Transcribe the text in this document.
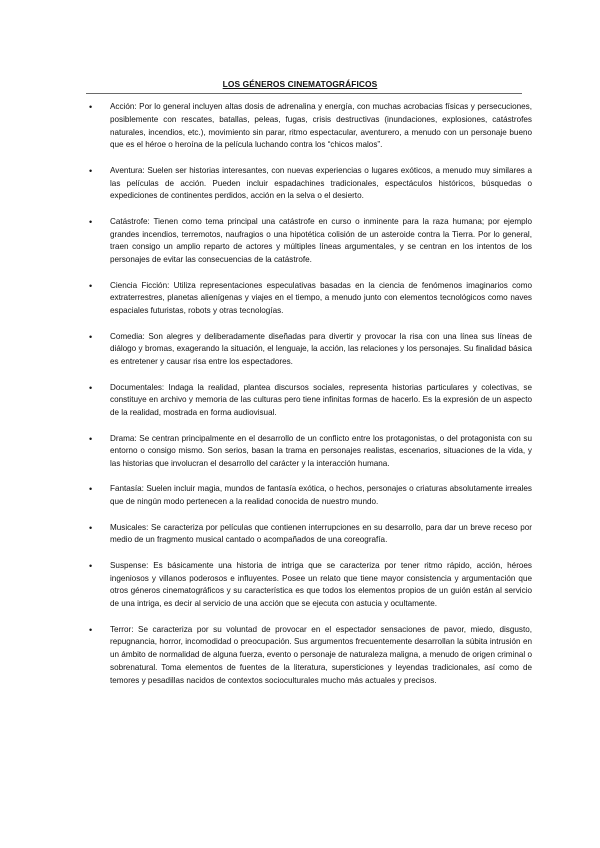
LOS GÉNEROS CINEMATOGRÁFICOS
• Acción: Por lo general incluyen altas dosis de adrenalina y energía, con muchas acrobacias físicas y persecuciones, posiblemente con rescates, batallas, peleas, fugas, crisis destructivas (inundaciones, explosiones, catástrofes naturales, incendios, etc.), movimiento sin parar, ritmo espectacular, aventurero, a menudo con un personaje bueno que es el héroe o heroína de la película luchando contra los “chicos malos”.
• Aventura: Suelen ser historias interesantes, con nuevas experiencias o lugares exóticos, a menudo muy similares a las películas de acción. Pueden incluir espadachines tradicionales, espectáculos históricos, búsquedas o expediciones de continentes perdidos, acción en la selva o el desierto.
• Catástrofe: Tienen como tema principal una catástrofe en curso o inminente para la raza humana; por ejemplo grandes incendios, terremotos, naufragios o una hipotética colisión de un asteroide contra la Tierra. Por lo general, traen consigo un amplio reparto de actores y múltiples líneas argumentales, y se centran en los intentos de los personajes de evitar las consecuencias de la catástrofe.
• Ciencia Ficción: Utiliza representaciones especulativas basadas en la ciencia de fenómenos imaginarios como extraterrestres, planetas alienígenas y viajes en el tiempo, a menudo junto con elementos tecnológicos como naves espaciales futuristas, robots y otras tecnologías.
• Comedia: Son alegres y deliberadamente diseñadas para divertir y provocar la risa con una línea sus líneas de diálogo y bromas, exagerando la situación, el lenguaje, la acción, las relaciones y los personajes. Su finalidad básica es entretener y causar risa entre los espectadores.
• Documentales: Indaga la realidad, plantea discursos sociales, representa historias particulares y colectivas, se constituye en archivo y memoria de las culturas pero tiene infinitas formas de hacerlo. Es la expresión de un aspecto de la realidad, mostrada en forma audiovisual.
• Drama: Se centran principalmente en el desarrollo de un conflicto entre los protagonistas, o del protagonista con su entorno o consigo mismo. Son serios, basan la trama en personajes realistas, escenarios, situaciones de la vida, y las historias que involucran el desarrollo del carácter y la interacción humana.
• Fantasía: Suelen incluir magia, mundos de fantasía exótica, o hechos, personajes o criaturas absolutamente irreales que de ningún modo pertenecen a la realidad conocida de nuestro mundo.
• Musicales: Se caracteriza por películas que contienen interrupciones en su desarrollo, para dar un breve receso por medio de un fragmento musical cantado o acompañados de una coreografía.
• Suspense: Es básicamente una historia de intriga que se caracteriza por tener ritmo rápido, acción, héroes ingeniosos y villanos poderosos e influyentes. Posee un relato que tiene mayor consistencia y argumentación que otros géneros cinematográficos y su característica es que todos los elementos propios de un guión están al servicio de una intriga, es decir al servicio de una acción que se ejecuta con astucia y ocultamente.
• Terror: Se caracteriza por su voluntad de provocar en el espectador sensaciones de pavor, miedo, disgusto, repugnancia, horror, incomodidad o preocupación. Sus argumentos frecuentemente desarrollan la súbita intrusión en un ámbito de normalidad de alguna fuerza, evento o personaje de naturaleza maligna, a menudo de origen criminal o sobrenatural. Toma elementos de fuentes de la literatura, supersticiones y leyendas tradicionales, así como de temores y pesadillas nacidos de contextos socioculturales mucho más actuales y precisos.
